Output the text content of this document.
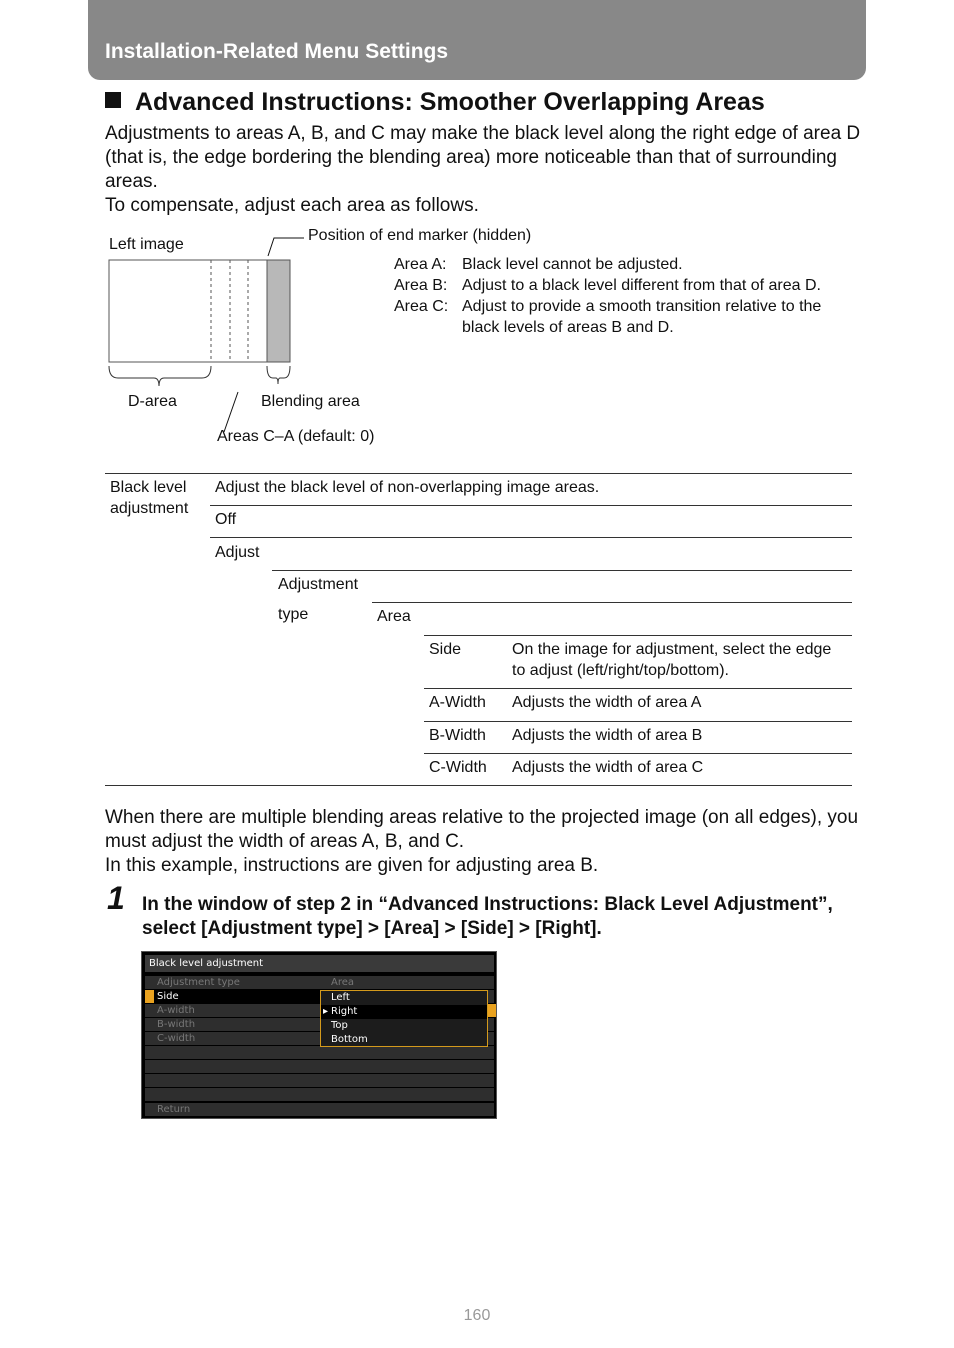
Installation-Related Menu Settings
Advanced Instructions: Smoother Overlapping Areas

Adjustments to areas A, B, and C may make the black level along the right edge of area D (that is, the edge bordering the blending area) more noticeable than that of surrounding areas.

To compensate, adjust each area as follows.

Left image
Position of end marker (hidden)
D-area	Blending area
Areas C–A (default: 0)
Area A: Black level cannot be adjusted.
Area B: Adjust to a black level different from that of area D.
Area C: Adjust to provide a smooth transition relative to the black levels of areas B and D.
Black level adjustment
Adjust the black level of non-overlapping image areas.
Off
Adjust
Adjustment type	Area
Side	On the image for adjustment, select the edge to adjust (left/right/top/bottom).
A-Width Adjusts the width of area A
B-Width Adjusts the width of area B
C-Width Adjusts the width of area C

When there are multiple blending areas relative to the projected image (on all edges), you must adjust the width of areas A, B, and C.

In this example, instructions are given for adjusting area B.

1 In the window of step 2 in “Advanced Instructions: Black Level Adjustment”, select [Adjustment type] > [Area] > [Side] > [Right].
Black level adjustment
Adjustment type	Area
Side
A-width
B-width
C-width
Return
Left
▸ Right
Top
Bottom
160
